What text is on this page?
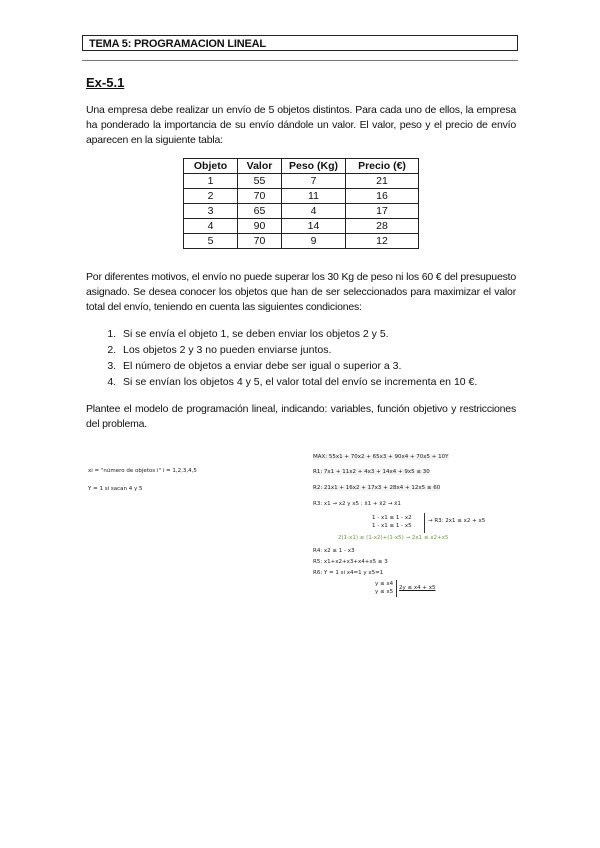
TEMA 5: PROGRAMACION LINEAL
Ex-5.1
Una empresa debe realizar un envío de 5 objetos distintos. Para cada uno de ellos, la empresa ha ponderado la importancia de su envío dándole un valor. El valor, peso y el precio de envío aparecen en la siguiente tabla:
Objeto	Valor	Peso (Kg)	Precio (€)
1	55	7	21
2	70	11	16
3	65	4	17
4	90	14	28
5	70	9	12
Por diferentes motivos, el envío no puede superar los 30 Kg de peso ni los 60 € del presupuesto asignado. Se desea conocer los objetos que han de ser seleccionados para maximizar el valor total del envío, teniendo en cuenta las siguientes condiciones:
1. Si se envía el objeto 1, se deben enviar los objetos 2 y 5.
2. Los objetos 2 y 3 no pueden enviarse juntos.
3. El número de objetos a enviar debe ser igual o superior a 3.
4. Si se envían los objetos 4 y 5, el valor total del envío se incrementa en 10 €.
Plantee el modelo de programación lineal, indicando: variables, función objetivo y restricciones del problema.
xi = "número de objetos i" i = 1,2,3,4,5
Y = 1 si sacan 4 y 5
MAX: 55x1 + 70x2 + 65x3 + 90x4 + 70x5 + 10Y
R1: 7x1 + 11x2 + 4x3 + 14x4 + 9x5 ≤ 30
R2: 21x1 + 16x2 + 17x3 + 28x4 + 12x5 ≤ 60
R3: x1 → x2 y x5 : x̄1 + x̄2 → x̄1
1 - x1 ≤ 1 - x2
1 - x1 ≤ 1 - x5
→ R3: 2x1 ≤ x2 + x5
2(1-x1) ≥ (1-x2)+(1-x5) → 2x1 ≤ x2+x5
R4: x2 ≤ 1 - x3
R5: x1+x2+x3+x4+x5 ≥ 3
R6: Y = 1 si x4=1 y x5=1
y ≤ x4
y ≤ x5
2y ≤ x4 + x5
